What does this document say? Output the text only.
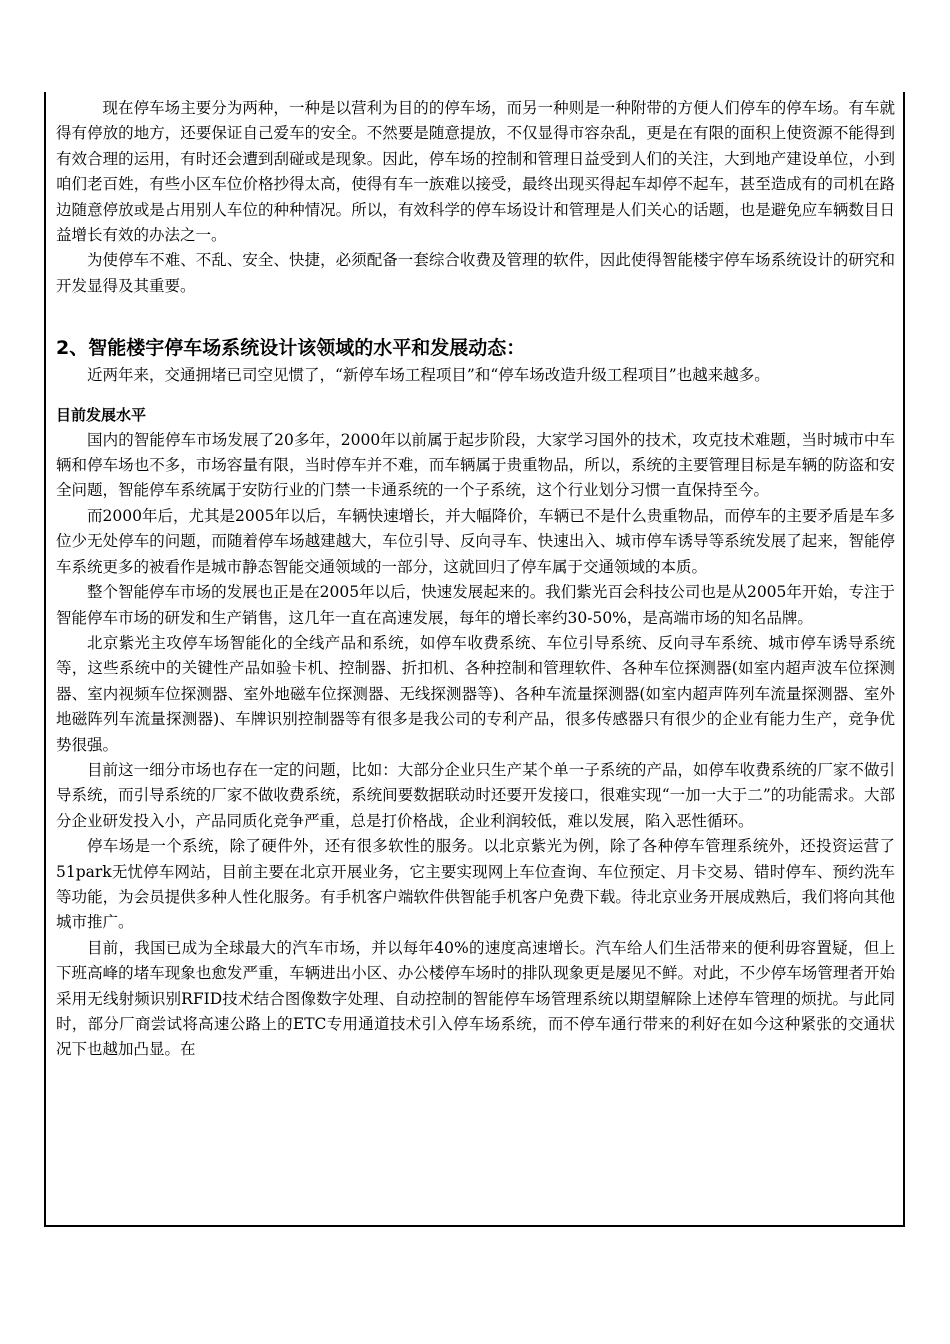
现在停车场主要分为两种，一种是以营利为目的的停车场，而另一种则是一种附带的方便人们停车的停车场。有车就得有停放的地方，还要保证自己爱车的安全。不然要是随意提放，不仅显得市容杂乱，更是在有限的面积上使资源不能得到有效合理的运用，有时还会遭到刮碰或是现象。因此，停车场的控制和管理日益受到人们的关注，大到地产建设单位，小到咱们老百姓，有些小区车位价格抄得太高，使得有车一族难以接受，最终出现买得起车却停不起车，甚至造成有的司机在路边随意停放或是占用别人车位的种种情况。所以，有效科学的停车场设计和管理是人们关心的话题，也是避免应车辆数目日益增长有效的办法之一。

为使停车不难、不乱、安全、快捷，必须配备一套综合收费及管理的软件，因此使得智能楼宇停车场系统设计的研究和开发显得及其重要。

2、智能楼宇停车场系统设计该领域的水平和发展动态：

近两年来，交通拥堵已司空见惯了，“新停车场工程项目”和“停车场改造升级工程项目”也越来越多。

目前发展水平

国内的智能停车市场发展了20多年，2000年以前属于起步阶段，大家学习国外的技术，攻克技术难题，当时城市中车辆和停车场也不多，市场容量有限，当时停车并不难，而车辆属于贵重物品，所以，系统的主要管理目标是车辆的防盗和安全问题，智能停车系统属于安防行业的门禁一卡通系统的一个子系统，这个行业划分习惯一直保持至今。

而2000年后，尤其是2005年以后，车辆快速增长，并大幅降价，车辆已不是什么贵重物品，而停车的主要矛盾是车多位少无处停车的问题，而随着停车场越建越大，车位引导、反向寻车、快速出入、城市停车诱导等系统发展了起来，智能停车系统更多的被看作是城市静态智能交通领域的一部分，这就回归了停车属于交通领域的本质。

整个智能停车市场的发展也正是在2005年以后，快速发展起来的。我们紫光百会科技公司也是从2005年开始，专注于智能停车市场的研发和生产销售，这几年一直在高速发展，每年的增长率约30-50%，是高端市场的知名品牌。

北京紫光主攻停车场智能化的全线产品和系统，如停车收费系统、车位引导系统、反向寻车系统、城市停车诱导系统等，这些系统中的关键性产品如验卡机、控制器、折扣机、各种控制和管理软件、各种车位探测器(如室内超声波车位探测器、室内视频车位探测器、室外地磁车位探测器、无线探测器等)、各种车流量探测器(如室内超声阵列车流量探测器、室外地磁阵列车流量探测器)、车牌识别控制器等有很多是我公司的专利产品，很多传感器只有很少的企业有能力生产，竞争优势很强。

目前这一细分市场也存在一定的问题，比如：大部分企业只生产某个单一子系统的产品，如停车收费系统的厂家不做引导系统，而引导系统的厂家不做收费系统，系统间要数据联动时还要开发接口，很难实现“一加一大于二”的功能需求。大部分企业研发投入小，产品同质化竞争严重，总是打价格战，企业利润较低，难以发展，陷入恶性循环。

停车场是一个系统，除了硬件外，还有很多软性的服务。以北京紫光为例，除了各种停车管理系统外，还投资运营了51park无忧停车网站，目前主要在北京开展业务，它主要实现网上车位查询、车位预定、月卡交易、错时停车、预约洗车等功能，为会员提供多种人性化服务。有手机客户端软件供智能手机客户免费下载。待北京业务开展成熟后，我们将向其他城市推广。

目前，我国已成为全球最大的汽车市场，并以每年40%的速度高速增长。汽车给人们生活带来的便利毋容置疑，但上下班高峰的堵车现象也愈发严重，车辆进出小区、办公楼停车场时的排队现象更是屡见不鲜。对此，不少停车场管理者开始采用无线射频识别RFID技术结合图像数字处理、自动控制的智能停车场管理系统以期望解除上述停车管理的烦扰。与此同时，部分厂商尝试将高速公路上的ETC专用通道技术引入停车场系统，而不停车通行带来的利好在如今这种紧张的交通状况下也越加凸显。在
